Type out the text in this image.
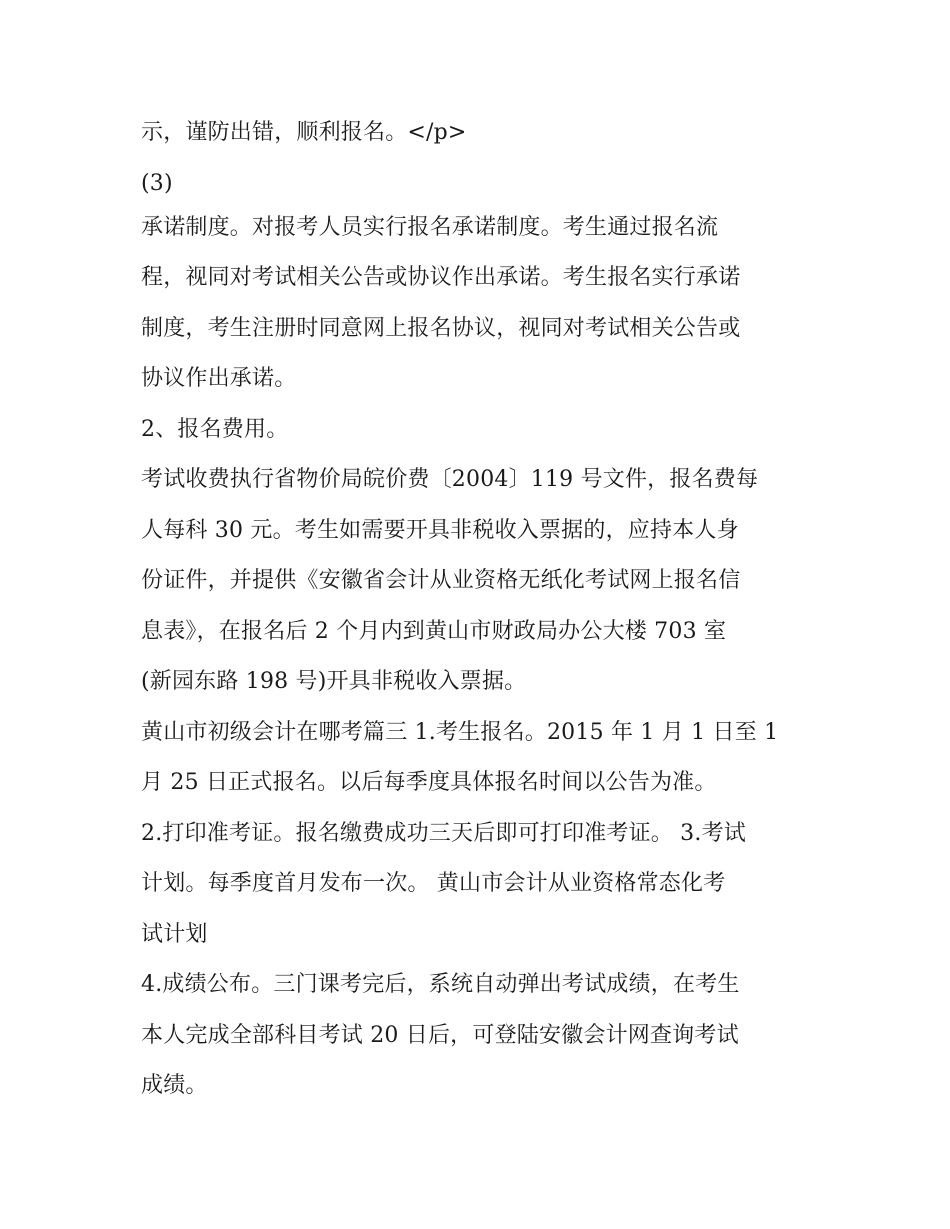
示，谨防出错，顺利报名。</p>
(3)
承诺制度。对报考人员实行报名承诺制度。考生通过报名流
程，视同对考试相关公告或协议作出承诺。考生报名实行承诺
制度，考生注册时同意网上报名协议，视同对考试相关公告或
协议作出承诺。
2、报名费用。
考试收费执行省物价局皖价费〔2004〕119 号文件，报名费每
人每科 30 元。考生如需要开具非税收入票据的，应持本人身
份证件，并提供《安徽省会计从业资格无纸化考试网上报名信
息表》，在报名后 2 个月内到黄山市财政局办公大楼 703 室
(新园东路 198 号)开具非税收入票据。
黄山市初级会计在哪考篇三 1.考生报名。2015 年 1 月 1 日至 1
月 25 日正式报名。以后每季度具体报名时间以公告为准。
2.打印准考证。报名缴费成功三天后即可打印准考证。 3.考试
计划。每季度首月发布一次。 黄山市会计从业资格常态化考
试计划
4.成绩公布。三门课考完后，系统自动弹出考试成绩，在考生
本人完成全部科目考试 20 日后，可登陆安徽会计网查询考试
成绩。
